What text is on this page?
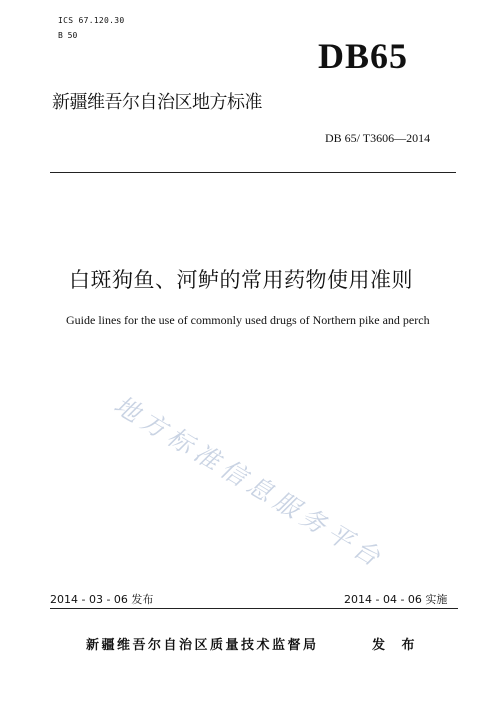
ICS 67.120.30
B 50
DB65
新疆维吾尔自治区地方标准
DB 65/ T3606—2014
白斑狗鱼、河鲈的常用药物使用准则
Guide lines for the use of commonly used drugs of Northern pike and perch
地方标准信息服务平台
2014 - 03 - 06 发布	2014 - 04 - 06 实施
新疆维吾尔自治区质量技术监督局	发 布
